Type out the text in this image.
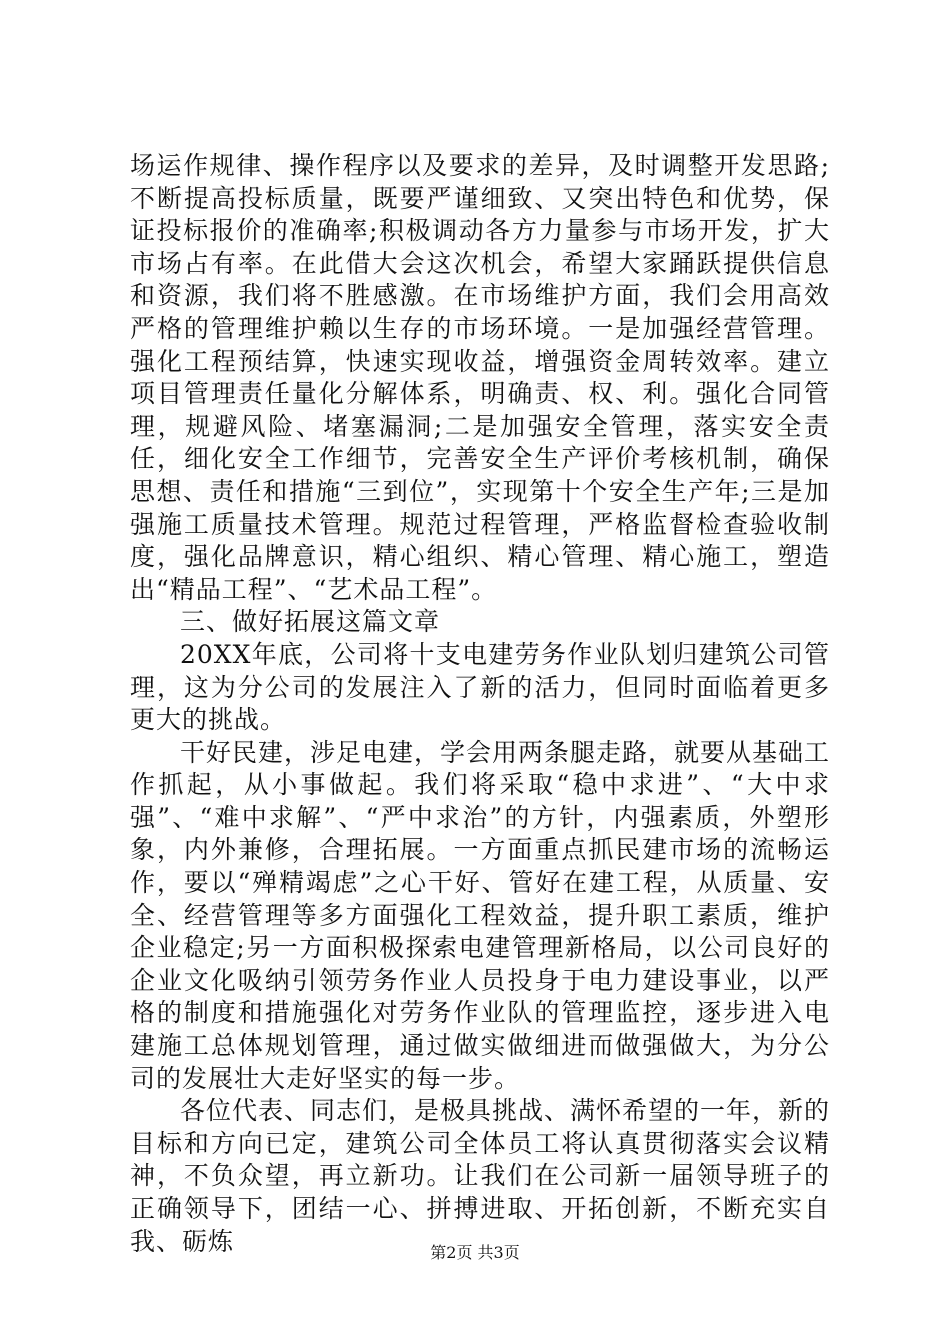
场运作规律、操作程序以及要求的差异，及时调整开发思路;不断提高投标质量，既要严谨细致、又突出特色和优势，保证投标报价的准确率;积极调动各方力量参与市场开发，扩大市场占有率。在此借大会这次机会，希望大家踊跃提供信息和资源，我们将不胜感激。在市场维护方面，我们会用高效严格的管理维护赖以生存的市场环境。一是加强经营管理。强化工程预结算，快速实现收益，增强资金周转效率。建立项目管理责任量化分解体系，明确责、权、利。强化合同管理，规避风险、堵塞漏洞;二是加强安全管理，落实安全责任，细化安全工作细节，完善安全生产评价考核机制，确保思想、责任和措施“三到位”，实现第十个安全生产年;三是加强施工质量技术管理。规范过程管理，严格监督检查验收制度，强化品牌意识，精心组织、精心管理、精心施工，塑造出“精品工程”、“艺术品工程”。

三、做好拓展这篇文章

20XX年底，公司将十支电建劳务作业队划归建筑公司管理，这为分公司的发展注入了新的活力，但同时面临着更多更大的挑战。

干好民建，涉足电建，学会用两条腿走路，就要从基础工作抓起，从小事做起。我们将采取“稳中求进”、“大中求强”、“难中求解”、“严中求治”的方针，内强素质，外塑形象，内外兼修，合理拓展。一方面重点抓民建市场的流畅运作，要以“殚精竭虑”之心干好、管好在建工程，从质量、安全、经营管理等多方面强化工程效益，提升职工素质，维护企业稳定;另一方面积极探索电建管理新格局，以公司良好的企业文化吸纳引领劳务作业人员投身于电力建设事业，以严格的制度和措施强化对劳务作业队的管理监控，逐步进入电建施工总体规划管理，通过做实做细进而做强做大，为分公司的发展壮大走好坚实的每一步。

各位代表、同志们，是极具挑战、满怀希望的一年，新的目标和方向已定，建筑公司全体员工将认真贯彻落实会议精神，不负众望，再立新功。让我们在公司新一届领导班子的正确领导下，团结一心、拼搏进取、开拓创新，不断充实自我、砺炼	第2页 共3页
